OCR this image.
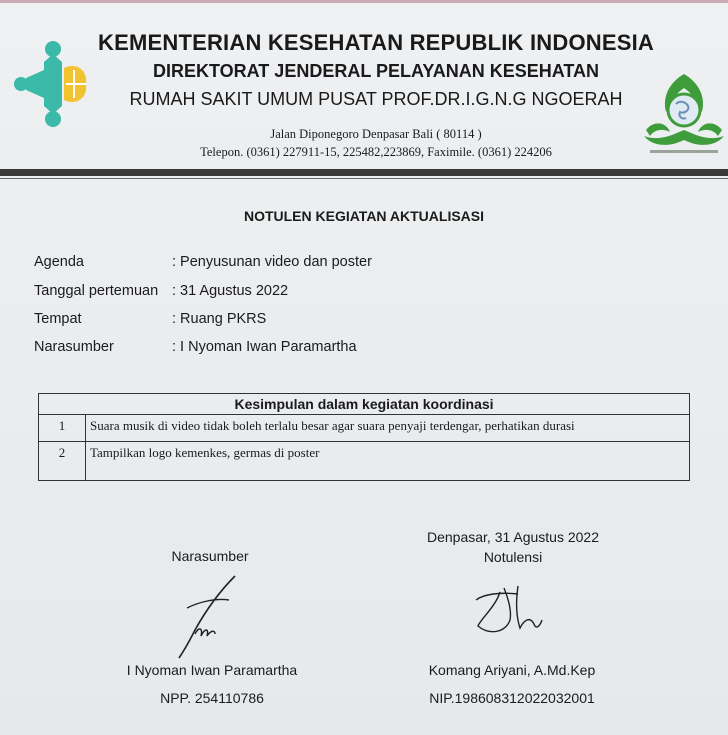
KEMENTERIAN KESEHATAN REPUBLIK INDONESIA
DIREKTORAT JENDERAL PELAYANAN KESEHATAN
RUMAH SAKIT UMUM PUSAT PROF.DR.I.G.N.G NGOERAH
Jalan Diponegoro Denpasar Bali ( 80114 )
Telepon. (0361) 227911-15, 225482,223869, Faximile. (0361) 224206
NOTULEN KEGIATAN AKTUALISASI
Agenda	: Penyusunan video dan poster
Tanggal pertemuan : 31 Agustus 2022
Tempat	: Ruang PKRS
Narasumber	: I Nyoman Iwan Paramartha
Kesimpulan dalam kegiatan koordinasi	
1	Suara musik di video tidak boleh terlalu besar agar suara penyaji terdengar, perhatikan durasi
2	Tampilkan logo kemenkes, germas di poster
Narasumber
Denpasar, 31 Agustus 2022
Notulensi
I Nyoman Iwan Paramartha
NPP. 254110786
Komang Ariyani, A.Md.Kep
NIP.198608312022032001
